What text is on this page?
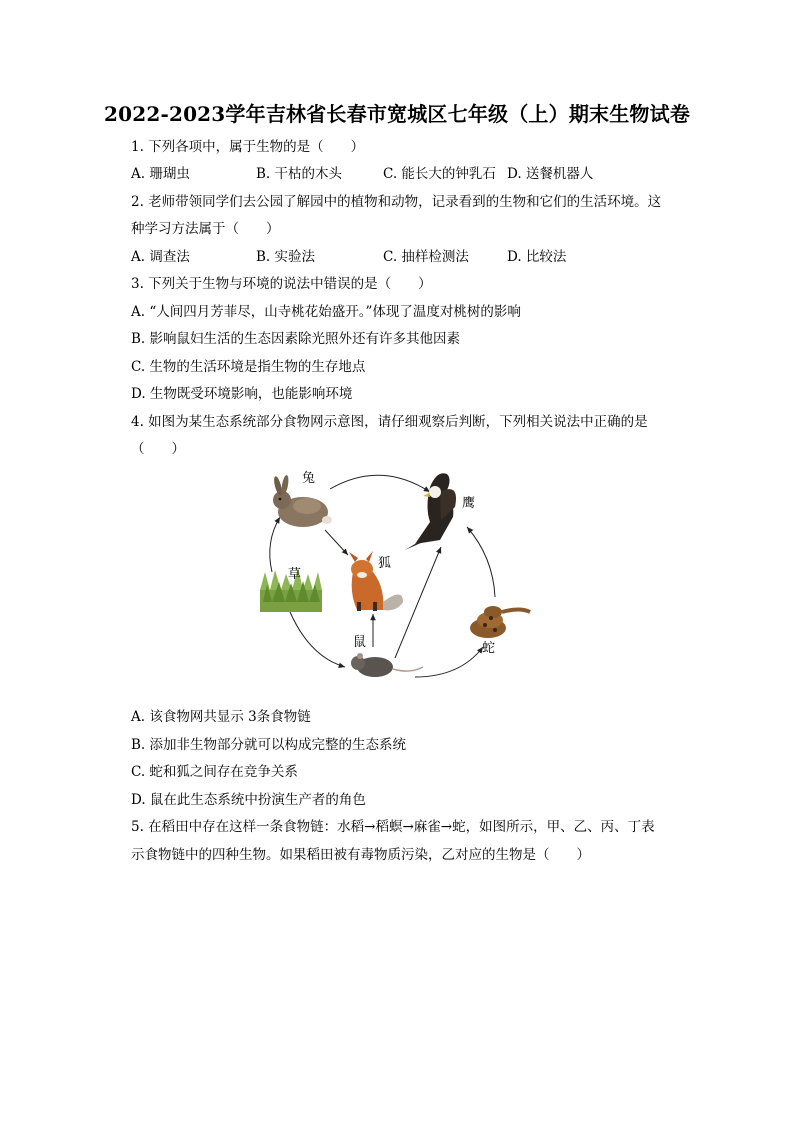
2022-2023学年吉林省长春市宽城区七年级（上）期末生物试卷
1. 下列各项中，属于生物的是（　　）
A. 珊瑚虫	B. 干枯的木头	C. 能长大的钟乳石 D. 送餐机器人
2. 老师带领同学们去公园了解园中的植物和动物，记录看到的生物和它们的生活环境。这
种学习方法属于（　　）
A. 调查法	B. 实验法	C. 抽样检测法	D. 比较法
3. 下列关于生物与环境的说法中错误的是（　　）
A. “人间四月芳菲尽，山寺桃花始盛开。”体现了温度对桃树的影响
B. 影响鼠妇生活的生态因素除光照外还有许多其他因素
C. 生物的生活环境是指生物的生存地点
D. 生物既受环境影响，也能影响环境
4. 如图为某生态系统部分食物网示意图，请仔细观察后判断，下列相关说法中正确的是
（　　）
兔
鹰
狐
草
鼠	蛇
A. 该食物网共显示 3条食物链
B. 添加非生物部分就可以构成完整的生态系统
C. 蛇和狐之间存在竞争关系
D. 鼠在此生态系统中扮演生产者的角色
5. 在稻田中存在这样一条食物链：水稻→稻螟→麻雀→蛇，如图所示，甲、乙、丙、丁表
示食物链中的四种生物。如果稻田被有毒物质污染，乙对应的生物是（　　）
